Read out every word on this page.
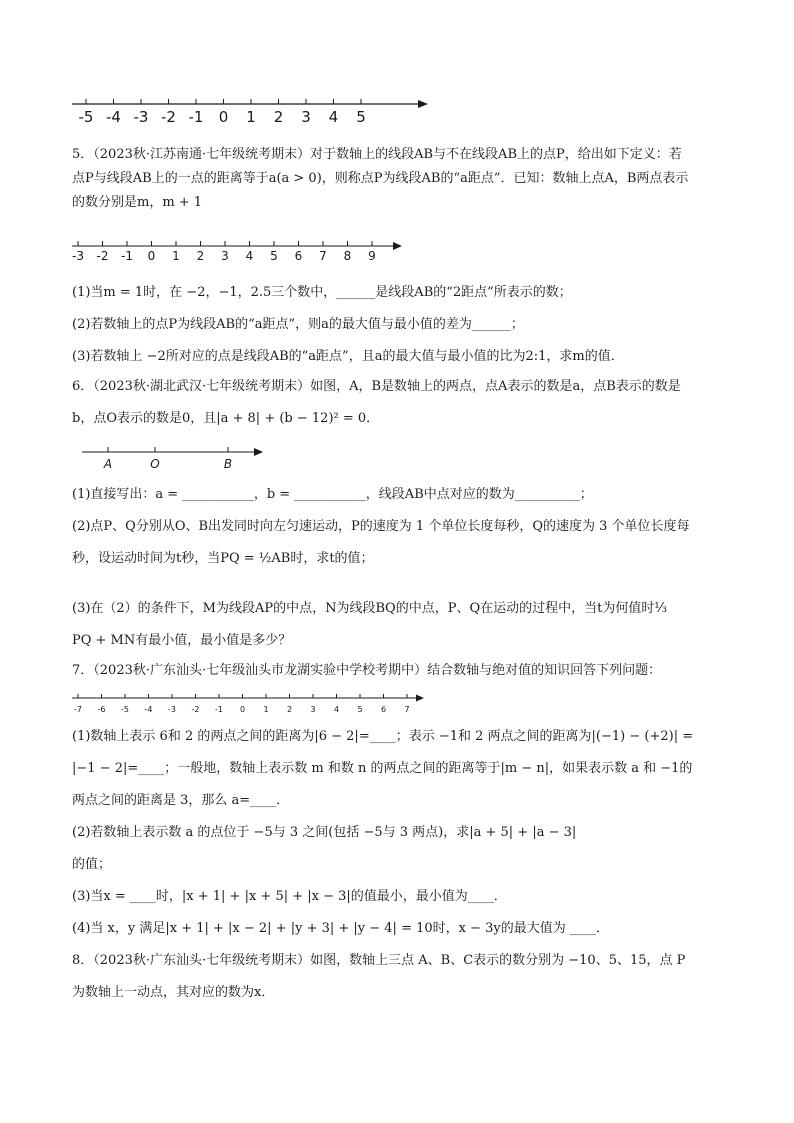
-5 -4 -3 -2 -1 0 1 2 3 4 5
5．（2023秋·江苏南通·七年级统考期末）对于数轴上的线段AB与不在线段AB上的点P，给出如下定义：若
点P与线段AB上的一点的距离等于a(a > 0)，则称点P为线段AB的“a距点”．已知：数轴上点A，B两点表示
的数分别是m，m + 1
-3 -2 -1 0 1 2 3 4 5 6 7 8 9
(1)当m = 1时，在 −2，−1，2.5三个数中，______是线段AB的“2距点”所表示的数；
(2)若数轴上的点P为线段AB的“a距点”，则a的最大值与最小值的差为______；
(3)若数轴上 −2所对应的点是线段AB的“a距点”，且a的最大值与最小值的比为2:1，求m的值．
6．（2023秋·湖北武汉·七年级统考期末）如图，A，B是数轴上的两点，点A表示的数是a，点B表示的数是
b，点O表示的数是0，且|a + 8| + (b − 12)² = 0．
A	O	B
(1)直接写出：a = ___________，b = ___________，线段AB中点对应的数为__________；
(2)点P、Q分别从O、B出发同时向左匀速运动，P的速度为 1 个单位长度每秒，Q的速度为 3 个单位长度每
秒，设运动时间为t秒，当PQ = ½AB时，求t的值；
(3)在（2）的条件下，M为线段AP的中点，N为线段BQ的中点，P、Q在运动的过程中，当t为何值时⅓
PQ + MN有最小值，最小值是多少？
7．（2023秋·广东汕头·七年级汕头市龙湖实验中学校考期中）结合数轴与绝对值的知识回答下列问题：
-7 -6 -5 -4 -3 -2 -1 0 1 2 3 4 5 6 7
(1)数轴上表示 6和 2 的两点之间的距离为|6 − 2|=____；表示 −1和 2 两点之间的距离为|(−1) − (+2)| =
|−1 − 2|=____；一般地，数轴上表示数 m 和数 n 的两点之间的距离等于|m − n|，如果表示数 a 和 −1的
两点之间的距离是 3，那么 a=____．
(2)若数轴上表示数 a 的点位于 −5与 3 之间(包括 −5与 3 两点)，求|a + 5| + |a − 3|
的值；
(3)当x = ____时，|x + 1| + |x + 5| + |x − 3|的值最小，最小值为____．
(4)当 x，y 满足|x + 1| + |x − 2| + |y + 3| + |y − 4| = 10时，x − 3y的最大值为 ____．
8．（2023秋·广东汕头·七年级统考期末）如图，数轴上三点 A、B、C表示的数分别为 −10、5、15，点 P
为数轴上一动点，其对应的数为x．
